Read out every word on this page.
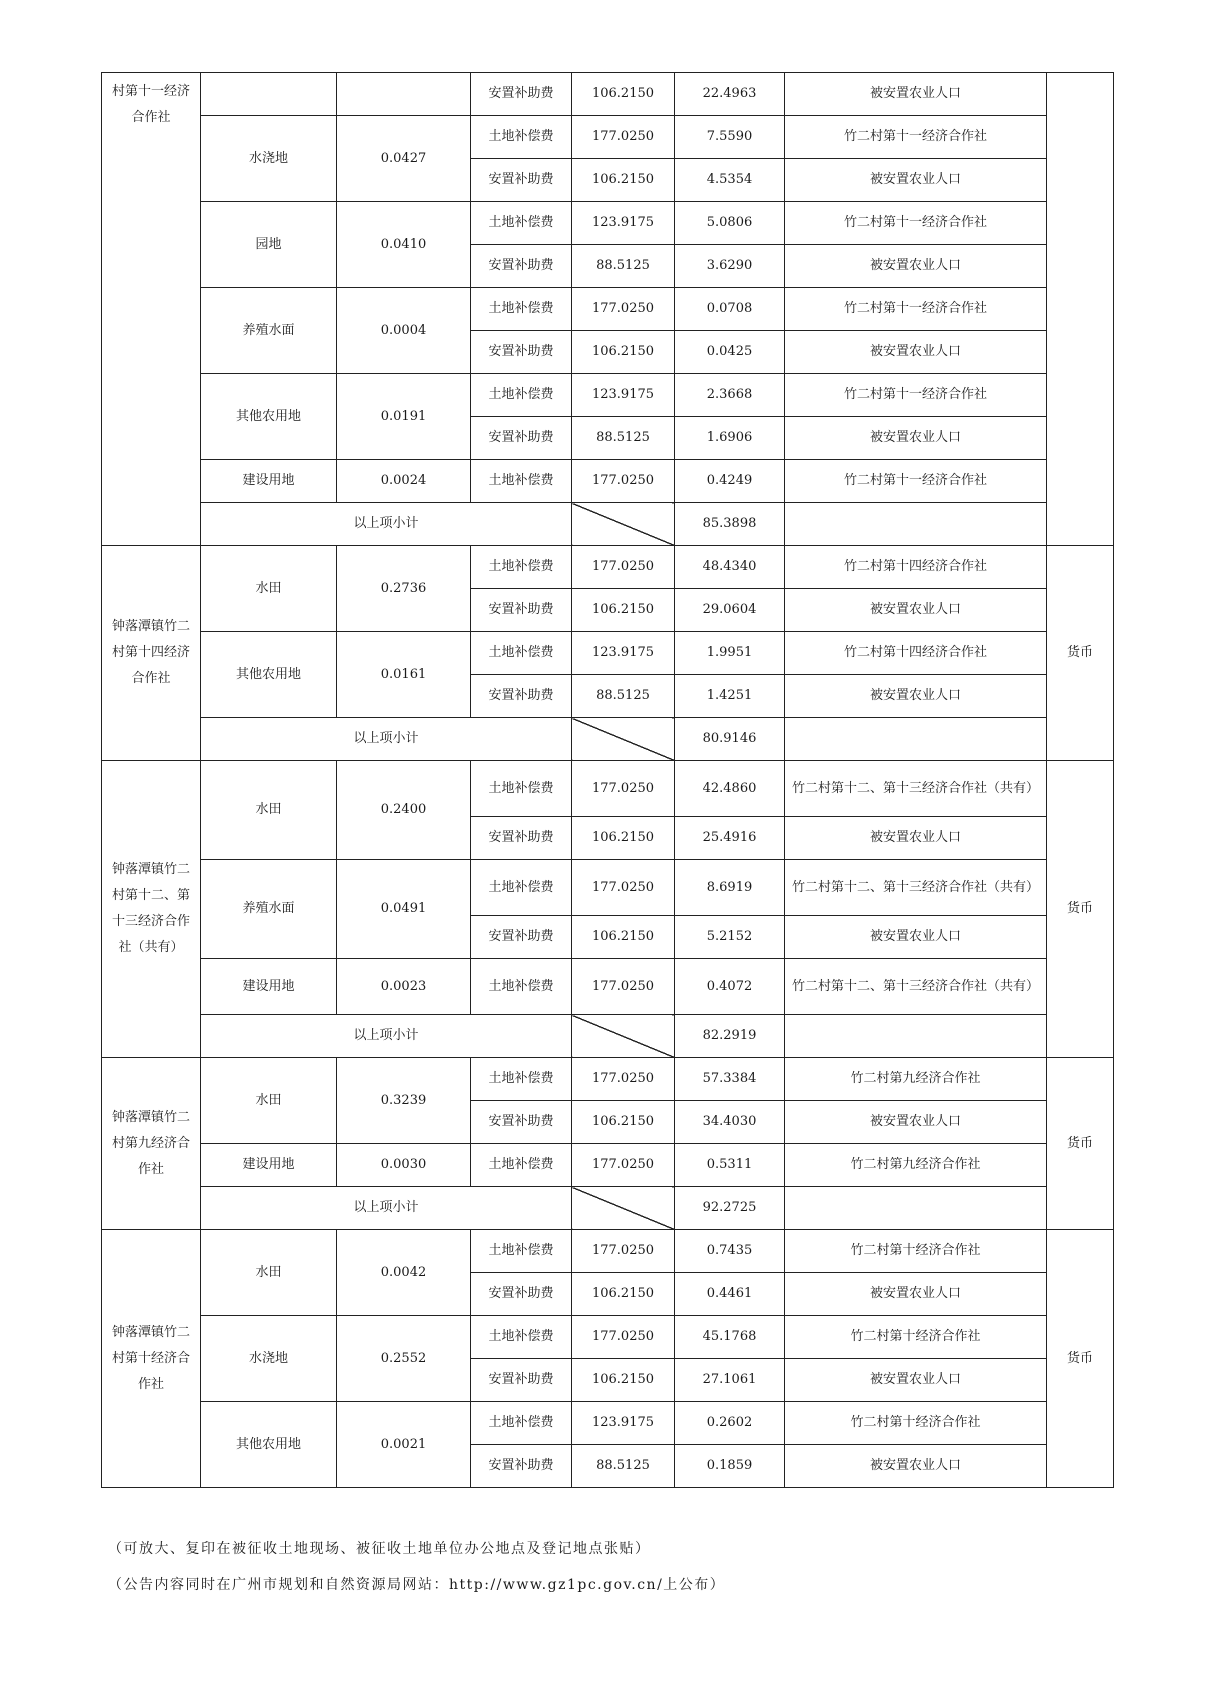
村第十一经济合作社			安置补助费	106.2150	22.4963	被安置农业人口	
	水浇地	0.0427	土地补偿费	177.0250	7.5590	竹二村第十一经济合作社	
			安置补助费	106.2150	4.5354	被安置农业人口	
	园地	0.0410	土地补偿费	123.9175	5.0806	竹二村第十一经济合作社	
			安置补助费	88.5125	3.6290	被安置农业人口	
	养殖水面	0.0004	土地补偿费	177.0250	0.0708	竹二村第十一经济合作社	
			安置补助费	106.2150	0.0425	被安置农业人口	
	其他农用地	0.0191	土地补偿费	123.9175	2.3668	竹二村第十一经济合作社	
			安置补助费	88.5125	1.6906	被安置农业人口	
	建设用地	0.0024	土地补偿费	177.0250	0.4249	竹二村第十一经济合作社	
	以上项小计				85.3898		
钟落潭镇竹二村第十四经济合作社	水田	0.2736	土地补偿费	177.0250	48.4340	竹二村第十四经济合作社	货币
			安置补助费	106.2150	29.0604	被安置农业人口	
	其他农用地	0.0161	土地补偿费	123.9175	1.9951	竹二村第十四经济合作社	
			安置补助费	88.5125	1.4251	被安置农业人口	
	以上项小计				80.9146		
钟落潭镇竹二村第十二、第十三经济合作社（共有）	水田	0.2400	土地补偿费	177.0250	42.4860	竹二村第十二、第十三经济合作社（共有）	货币
			安置补助费	106.2150	25.4916	被安置农业人口	
	养殖水面	0.0491	土地补偿费	177.0250	8.6919	竹二村第十二、第十三经济合作社（共有）	
			安置补助费	106.2150	5.2152	被安置农业人口	
	建设用地	0.0023	土地补偿费	177.0250	0.4072	竹二村第十二、第十三经济合作社（共有）	
	以上项小计				82.2919		
钟落潭镇竹二村第九经济合作社	水田	0.3239	土地补偿费	177.0250	57.3384	竹二村第九经济合作社	货币
			安置补助费	106.2150	34.4030	被安置农业人口	
	建设用地	0.0030	土地补偿费	177.0250	0.5311	竹二村第九经济合作社	
	以上项小计				92.2725		
钟落潭镇竹二村第十经济合作社	水田	0.0042	土地补偿费	177.0250	0.7435	竹二村第十经济合作社	货币
			安置补助费	106.2150	0.4461	被安置农业人口	
	水浇地	0.2552	土地补偿费	177.0250	45.1768	竹二村第十经济合作社	
			安置补助费	106.2150	27.1061	被安置农业人口	
	其他农用地	0.0021	土地补偿费	123.9175	0.2602	竹二村第十经济合作社	
			安置补助费	88.5125	0.1859	被安置农业人口	
（可放大、复印在被征收土地现场、被征收土地单位办公地点及登记地点张贴）
（公告内容同时在广州市规划和自然资源局网站：http://www.gz1pc.gov.cn/上公布）
